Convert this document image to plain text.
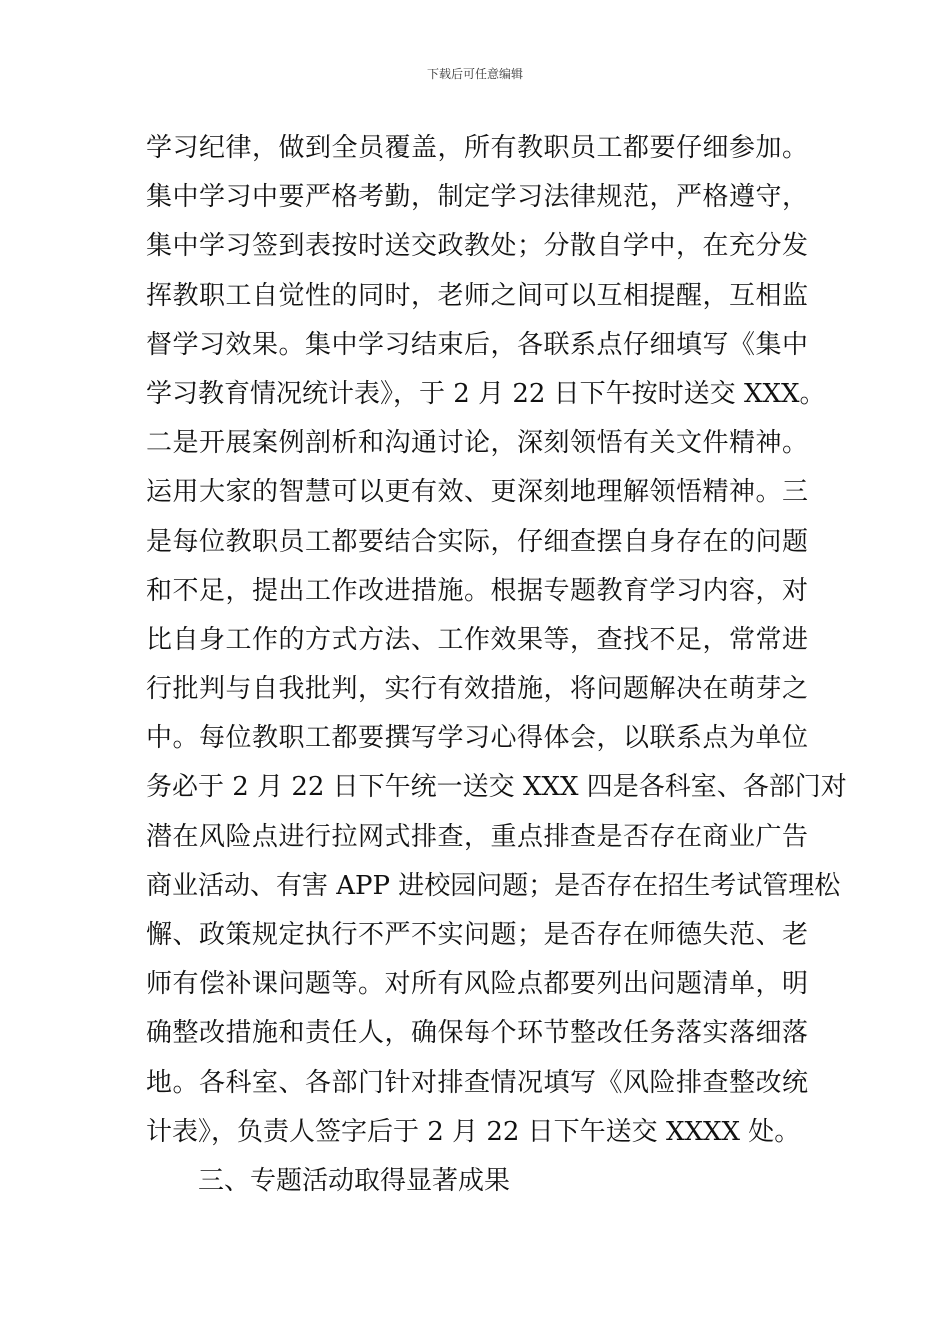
下载后可任意编辑
学习纪律，做到全员覆盖，所有教职员工都要仔细参加。
集中学习中要严格考勤，制定学习法律规范，严格遵守，
集中学习签到表按时送交政教处；分散自学中，在充分发
挥教职工自觉性的同时，老师之间可以互相提醒，互相监
督学习效果。集中学习结束后，各联系点仔细填写《集中
学习教育情况统计表》，于 2 月 22 日下午按时送交 XXX。
二是开展案例剖析和沟通讨论，深刻领悟有关文件精神。
运用大家的智慧可以更有效、更深刻地理解领悟精神。三
是每位教职员工都要结合实际，仔细查摆自身存在的问题
和不足，提出工作改进措施。根据专题教育学习内容，对
比自身工作的方式方法、工作效果等，查找不足，常常进
行批判与自我批判，实行有效措施，将问题解决在萌芽之
中。每位教职工都要撰写学习心得体会，以联系点为单位
务必于 2 月 22 日下午统一送交 XXX 四是各科室、各部门对
潜在风险点进行拉网式排查，重点排查是否存在商业广告
商业活动、有害 APP 进校园问题；是否存在招生考试管理松
懈、政策规定执行不严不实问题；是否存在师德失范、老
师有偿补课问题等。对所有风险点都要列出问题清单，明
确整改措施和责任人，确保每个环节整改任务落实落细落
地。各科室、各部门针对排查情况填写《风险排查整改统
计表》，负责人签字后于 2 月 22 日下午送交 XXXX 处。
三、专题活动取得显著成果
